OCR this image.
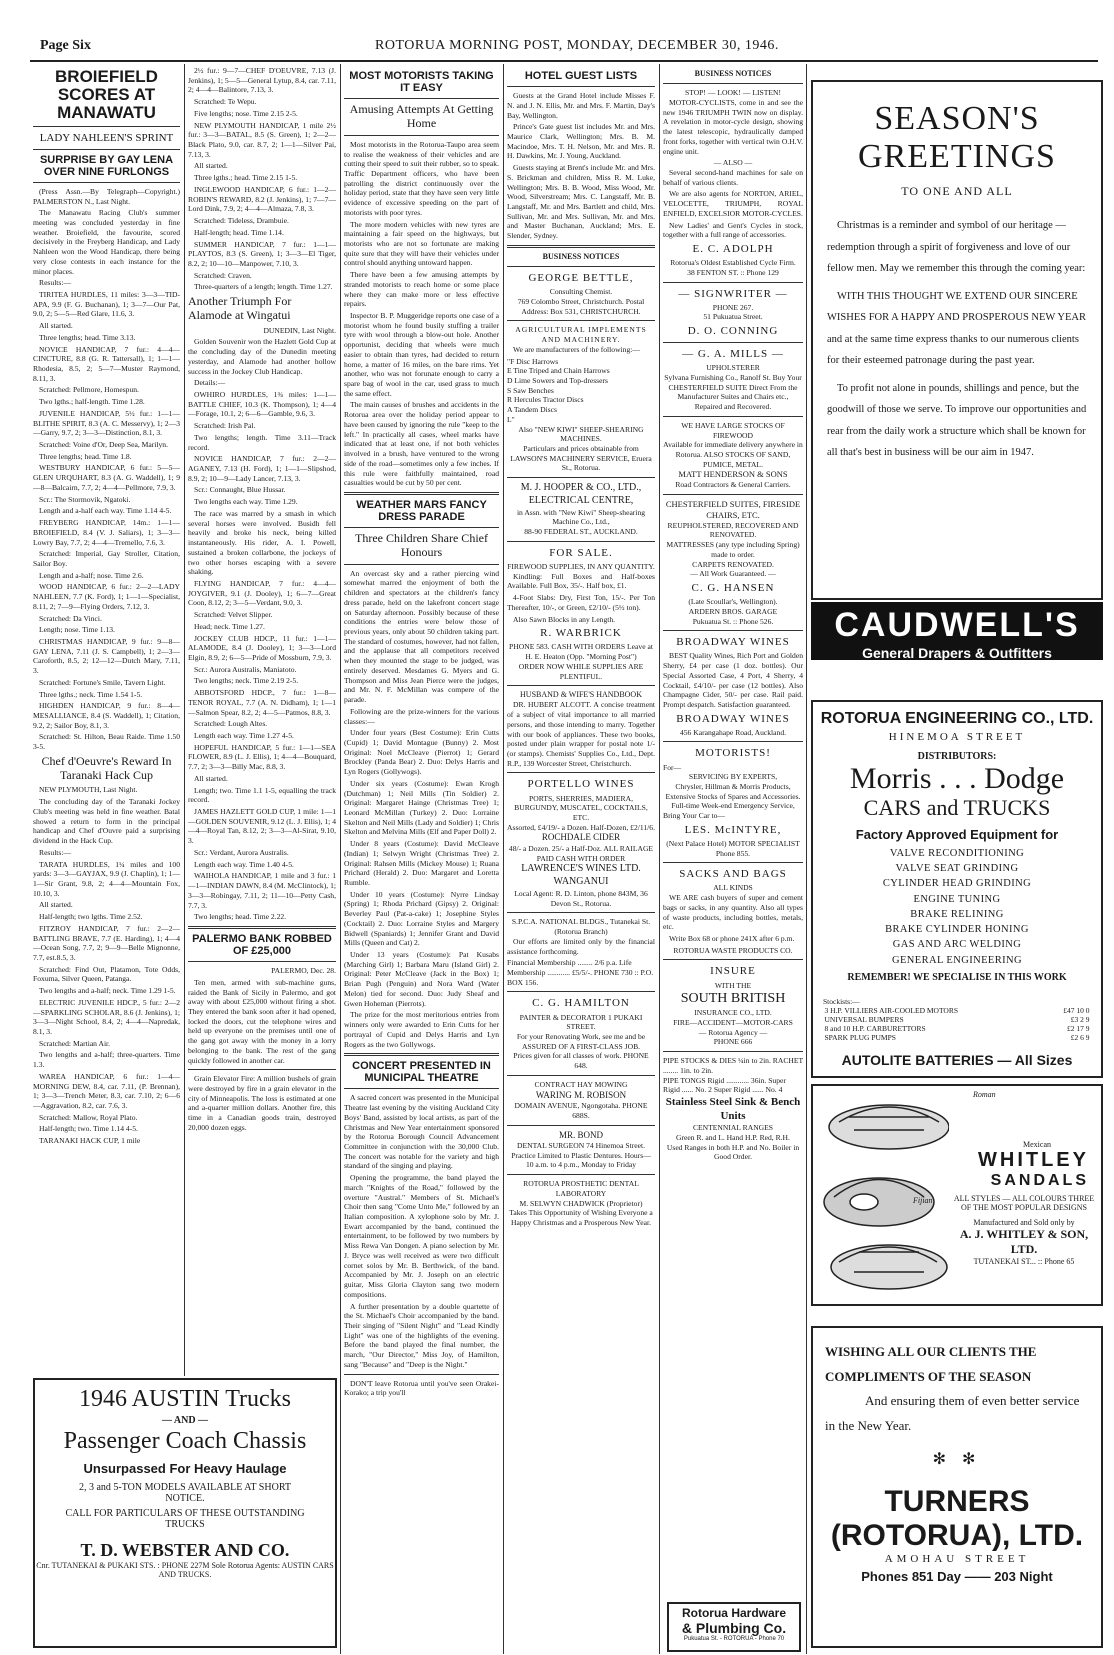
Page Six	ROTORUA MORNING POST, MONDAY, DECEMBER 30, 1946.
BROIEFIELD SCORES AT MANAWATU
LADY NAHLEEN'S SPRINT
SURPRISE BY GAY LENA OVER NINE FURLONGS

(Press Assn.—By Telegraph—Copyright.) PALMERSTON N., Last Night.

The Manawatu Racing Club's summer meeting was concluded yesterday in fine weather. Broiefield, the favourite, scored decisively in the Freyberg Handicap, and Lady Nahleen won the Wood Handicap, there being very close contests in each instance for the minor places.

Results:—

TIRITEA HURDLES, 11 miles: 3—3—TID-APA, 9.9 (F. G. Buchanan), 1; 3—7—Our Pat, 9.0, 2; 5—5—Red Glare, 11.6, 3.

All started.

Three lengths; head. Time 3.13.

NOVICE HANDICAP, 7 fur.: 4—4—CINCTURE, 8.8 (G. R. Tattersall), 1; 1—1—Rhodesia, 8.5, 2; 5—7—Muster Raymond, 8.11, 3.

Scratched: Pellmore, Homespun.

Two lgths.; half-length. Time 1.28.

JUVENILE HANDICAP, 5½ fur.: 1—1—BLITHE SPIRIT, 8.3 (A. C. Messervy), 1; 2—3—Garry, 9.7, 2; 3—3—Distinction, 8.1, 3.

Scratched: Voine d'Or, Deep Sea, Marilyn.

Three lengths; head. Time 1.8.

WESTBURY HANDICAP, 6 fur.: 5—5—GLEN URQUHART, 8.3 (A. G. Waddell), 1; 9—8—Balcairn, 7.7, 2; 4—4—Pellmore, 7.9, 3.

Scr.: The Stormovik, Ngatoki.

Length and a-half each way. Time 1.14 4-5.

FREYBERG HANDICAP, 14m.: 1—1—BROIEFIELD, 8.4 (V. J. Saliars), 1; 3—3—Lowry Bay, 7.7, 2; 4—4—Tremello, 7.6, 3.

Scratched: Imperial, Gay Stroller, Citation, Sailor Boy.

Length and a-half; nose. Time 2.6.

WOOD HANDICAP, 6 fur.: 2—2—LADY NAHLEEN, 7.7 (K. Ford), 1; 1—1—Specialist, 8.11, 2; 7—9—Flying Orders, 7.12, 3.

Scratched: Da Vinci.

Length; nose. Time 1.13.

CHRISTMAS HANDICAP, 9 fur.: 9—8—GAY LENA, 7.11 (J. S. Campbell), 1; 2—3—Caroforth, 8.5, 2; 12—12—Dutch Mary, 7.11, 3.

Scratched: Fortune's Smile, Tavern Light.

Three lgths.; neck. Time 1.54 1-5.

HIGHDEN HANDICAP, 9 fur.: 8—4—MESALLIANCE, 8.4 (S. Waddell), 1; Citation, 9.2, 2; Sailor Boy, 8.1, 3.

Scratched: St. Hilton, Beau Raide. Time 1.50 3-5.

Chef d'Oeuvre's Reward In Taranaki Hack Cup

NEW PLYMOUTH, Last Night.

The concluding day of the Taranaki Jockey Club's meeting was held in fine weather. Batal showed a return to form in the principal handicap and Chef d'Ouvre paid a surprising dividend in the Hack Cup.

Results:—

TARATA HURDLES, 1¼ miles and 100 yards: 3—3—GAYJAX, 9.9 (J. Chaplin), 1; 1—1—Sir Grant, 9.8, 2; 4—4—Mountain Fox, 10.10, 3.

All started.

Half-length; two lgths. Time 2.52.

FITZROY HANDICAP, 7 fur.: 2—2—BATTLING BRAVE, 7.7 (E. Harding), 1; 4—4—Ocean Song, 7.7, 2; 9—9—Belle Mignonne, 7.7, est.8.5, 3.

Scratched: Find Out, Platamon, Tote Odds, Foxuma, Silver Queen, Patanga.

Two lengths and a-half; neck. Time 1.29 1-5.

ELECTRIC JUVENILE HDCP., 5 fur.: 2—2—SPARKLING SCHOLAR, 8.6 (J. Jenkins), 1; 3—3—Night School, 8.4, 2; 4—4—Napredak, 8.1, 3.

Scratched: Martian Air.

Two lengths and a-half; three-quarters. Time 1.3.

WAREA HANDICAP, 6 fur.: 1—4—MORNING DEW, 8.4, car. 7.11, (P. Brennan), 1; 3—3—Trench Meter, 8.3, car. 7.10, 2; 6—6—Aggravation, 8.2, car. 7.6, 3.

Scratched: Mallow, Royal Plato.

Half-length; two. Time 1.14 4-5.

TARANAKI HACK CUP, 1 mile

2½ fur.: 9—7—CHEF D'OEUVRE, 7.13 (J. Jenkins), 1; 5—5—General Lytup, 8.4, car. 7.11, 2; 4—4—Balintore, 7.13, 3.

Scratched: Te Wepu.

Five lengths; nose. Time 2.15 2-5.

NEW PLYMOUTH HANDICAP, 1 mile 2½ fur.: 3—3—BATAL, 8.5 (S. Green), 1; 2—2—Black Plato, 9.0, car. 8.7, 2; 1—1—Silver Pai, 7.13, 3.

All started.

Three lgths.; head. Time 2.15 1-5.

INGLEWOOD HANDICAP, 6 fur.: 1—2—ROBIN'S REWARD, 8.2 (J. Jenkins), 1; 7—7—Lord Dink, 7.9, 2; 4—4—Almaza, 7.8, 3.

Scratched: Tideless, Drambuie.

Half-length; head. Time 1.14.

SUMMER HANDICAP, 7 fur.: 1—1—PLAYTOS, 8.3 (S. Green), 1; 3—3—El Tiger, 8.2, 2; 10—10—Manpower, 7.10, 3.

Scratched: Craven.

Three-quarters of a length; length. Time 1.27.

Another Triumph For Alamode at Wingatui

DUNEDIN, Last Night.

Golden Souvenir won the Hazlett Gold Cup at the concluding day of the Dunedin meeting yesterday, and Alamode had another hollow success in the Jockey Club Handicap.

Details:—

OWHIRO HURDLES, 1¾ miles: 1—1—BATTLE CHIEF, 10.3 (K. Thompson), 1; 4—4—Forage, 10.1, 2; 6—6—Gamble, 9.6, 3.

Scratched: Irish Pal.

Two lengths; length. Time 3.11—Track record.

NOVICE HANDICAP, 7 fur.: 2—2—AGANEY, 7.13 (H. Ford), 1; 1—1—Slipshod, 8.9, 2; 10—9—Lady Lancer, 7.13, 3.

Scr.: Connaught, Blue Hussar.

Two lengths each way. Time 1.29.

The race was marred by a smash in which several horses were involved. Busidh fell heavily and broke his neck, being killed instantaneously. His rider, A. I. Powell, sustained a broken collarbone, the jockeys of two other horses escaping with a severe shaking.

FLYING HANDICAP, 7 fur.: 4—4—JOYGIVER, 9.1 (J. Dooley), 1; 6—7—Great Coon, 8.12, 2; 3—5—Verdant, 9.0, 3.

Scratched: Velvet Slipper.

Head; neck. Time 1.27.

JOCKEY CLUB HDCP., 11 fur.: 1—1—ALAMODE, 8.4 (J. Dooley), 1; 3—3—Lord Elgin, 8.9, 2; 6—5—Pride of Mossburn, 7.9, 3.

Scr.: Aurora Australis, Maniatoto.

Two lengths; neck. Time 2.19 2-5.

ABBOTSFORD HDCP., 7 fur.: 1—8—TENOR ROYAL, 7.7 (A. N. Didham), 1; 1—1—Salmon Spear, 8.2, 2; 4—5—Patmos, 8.8, 3.

Scratched: Lough Altes.

Length each way. Time 1.27 4-5.

HOPEFUL HANDICAP, 5 fur.: 1—1—SEA FLOWER, 8.9 (L. J. Ellis), 1; 4—4—Bouquard, 7.7, 2; 3—3—Billy Mac, 8.8, 3.

All started.

Length; two. Time 1.1 1-5, equalling the track record.

JAMES HAZLETT GOLD CUP, 1 mile: 1—1—GOLDEN SOUVENIR, 9.12 (L. J. Ellis), 1; 4—4—Royal Tan, 8.12, 2; 3—3—Al-Sirat, 9.10, 3.

Scr.: Verdant, Aurora Australis.

Length each way. Time 1.40 4-5.

WAIHOLA HANDICAP, 1 mile and 3 fur.: 1—1—INDIAN DAWN, 8.4 (M. McClintock), 1; 3—3—Robingay, 7.11, 2; 11—10—Petty Cash, 7.7, 3.

Two lengths; head. Time 2.22.

PALERMO BANK ROBBED OF £25,000

PALERMO, Dec. 28.

Ten men, armed with sub-machine guns, raided the Bank of Sicily in Palermo, and got away with about £25,000 without firing a shot. They entered the bank soon after it had opened, locked the doors, cut the telephone wires and held up everyone on the premises until one of the gang got away with the money in a lorry belonging to the bank. The rest of the gang quickly followed in another car.

Grain Elevator Fire: A million bushels of grain were destroyed by fire in a grain elevator in the city of Minneapolis. The loss is estimated at one and a-quarter million dollars. Another fire, this time in a Canadian goods train, destroyed 20,000 dozen eggs.

1946 AUSTIN Trucks
— AND —
Passenger Coach Chassis
Unsurpassed For Heavy Haulage
2, 3 and 5-TON MODELS AVAILABLE AT SHORT NOTICE.
CALL FOR PARTICULARS OF THESE OUTSTANDING TRUCKS
T. D. WEBSTER AND CO.
Cnr. TUTANEKAI & PUKAKI STS. : PHONE 227M Sole Rotorua Agents: AUSTIN CARS AND TRUCKS.
MOST MOTORISTS TAKING IT EASY
Amusing Attempts At Getting Home

Most motorists in the Rotorua-Taupo area seem to realise the weakness of their vehicles and are cutting their speed to suit their rubber, so to speak. Traffic Department officers, who have been patrolling the district continuously over the holiday period, state that they have seen very little evidence of excessive speeding on the part of motorists with poor tyres.

The more modern vehicles with new tyres are maintaining a fair speed on the highways, but motorists who are not so fortunate are making quite sure that they will have their vehicles under control should anything untoward happen.

There have been a few amusing attempts by stranded motorists to reach home or some place where they can make more or less effective repairs.

Inspector B. P. Muggeridge reports one case of a motorist whom he found busily stuffing a trailer tyre with wool through a blow-out hole. Another opportunist, deciding that wheels were much easier to obtain than tyres, had decided to return home, a matter of 16 miles, on the bare rims. Yet another, who was not forunate enough to carry a spare bag of wool in the car, used grass to much the same effect.

The main causes of brushes and accidents in the Rotorua area over the holiday period appear to have been caused by ignoring the rule "keep to the left." In practically all cases, wheel marks have indicated that at least one, if not both vehicles involved in a brush, have ventured to the wrong side of the road—sometimes only a few inches. If this rule were faithfully maintained, road casualties would be cut by 50 per cent.

WEATHER MARS FANCY DRESS PARADE
Three Children Share Chief Honours

An overcast sky and a rather piercing wind somewhat marred the enjoyment of both the children and spectators at the children's fancy dress parade, held on the lakefront concert stage on Saturday afternoon. Possibly because of these conditions the entries were below those of previous years, only about 50 children taking part. The standard of costumes, however, had not fallen, and the applause that all competitors received when they mounted the stage to be judged, was entirely deserved. Mesdames G. Myers and G. Thompson and Miss Jean Pierce were the judges, and Mr. N. F. McMillan was compere of the parade.

Following are the prize-winners for the various classes:—

Under four years (Best Costume): Erin Cutts (Cupid) 1; David Montague (Bunny) 2. Most Original: Noel McCleave (Pierrot) 1; Gerard Brockley (Panda Bear) 2. Duo: Delys Harris and Lyn Rogers (Gollywogs).

Under six years (Costume): Ewan Krogh (Dutchman) 1; Neil Mills (Tin Soldier) 2. Original: Margaret Hainge (Christmas Tree) 1; Leonard McMillan (Turkey) 2. Duo: Lorraine Skelton and Neil Mills (Lady and Soldier) 1; Chris Skelton and Melvina Mills (Elf and Paper Doll) 2.

Under 8 years (Costume): David McCleave (Indian) 1; Selwyn Wright (Christmas Tree) 2. Original: Rahsen Mills (Mickey Mouse) 1; Ruana Prichard (Herald) 2. Duo: Margaret and Loretta Rumble.

Under 10 years (Costume): Nyrre Lindsay (Spring) 1; Rhoda Prichard (Gipsy) 2. Original: Beverley Paul (Pat-a-cake) 1; Josephine Styles (Cocktail) 2. Duo: Lorraine Styles and Margery Bidwell (Spaniards) 1; Jennifer Grant and David Mills (Queen and Cat) 2.

Under 13 years (Costume): Pat Kusabs (Marching Girl) 1; Barbara Maru (Island Girl) 2. Original: Peter McCleave (Jack in the Box) 1; Brian Pugh (Penguin) and Nora Ward (Water Melon) tied for second. Duo: Judy Sheaf and Gwen Hoheman (Pierrots).

The prize for the most meritorious entries from winners only were awarded to Erin Cutts for her portrayal of Cupid and Delys Harris and Lyn Rogers as the two Gollywogs.

CONCERT PRESENTED IN MUNICIPAL THEATRE

A sacred concert was presented in the Municipal Theatre last evening by the visiting Auckland City Boys' Band, assisted by local artists, as part of the Christmas and New Year entertainment sponsored by the Rotorua Borough Council Advancement Committee in conjunction with the 30,000 Club. The concert was notable for the variety and high standard of the singing and playing.

Opening the programme, the band played the march "Knights of the Road," followed by the overture "Austral." Members of St. Michael's Choir then sang "Come Unto Me," followed by an Italian composition. A xylophone solo by Mr. J. Ewart accompanied by the band, continued the entertainment, to be followed by two numbers by Miss Rewa Van Dongen. A piano selection by Mr. J. Bryce was well received as were two difficult cornet solos by Mr. B. Berthwick, of the band. Accompanied by Mr. J. Joseph on an electric guitar, Miss Gloria Clayton sang two modern compositions.

A further presentation by a double quartette of the St. Michael's Choir accompanied by the band. Their singing of "Silent Night" and "Lead Kindly Light" was one of the highlights of the evening. Before the band played the final number, the march, "Our Director," Miss Joy, of Hamilton, sang "Because" and "Deep is the Night."

DON'T leave Rotorua until you've seen Orakei-Korako; a trip you'll

HOTEL GUEST LISTS

Guests at the Grand Hotel include Misses F. N. and J. N. Ellis, Mr. and Mrs. F. Martin, Day's Bay, Wellington.

Prince's Gate guest list includes Mr. and Mrs. Maurice Clark, Wellington; Mrs. B. M. Macindoe, Mrs. T. H. Nelson, Mr. and Mrs. R. H. Dawkins, Mr. J. Young, Auckland.

Guests staying at Brent's include Mr. and Mrs. S. Brickman and children, Miss R. M. Luke, Wellington; Mrs. B. B. Wood, Miss Wood, Mr. Wood, Silverstream; Mrs. C. Langstaff, Mr. B. Langstaff, Mr. and Mrs. Bartlett and child, Mrs. Sullivan, Mr. and Mrs. Sullivan, Mr. and Mrs. and Master Buchanan, Auckland; Mrs. E. Slender, Sydney.

BUSINESS NOTICES
GEORGE BETTLE,
Consulting Chemist.
769 Colombo Street, Christchurch. Postal Address: Box 531, CHRISTCHURCH.
AGRICULTURAL IMPLEMENTS AND MACHINERY.

We are manufacturers of the following:—

"F Disc Harrows
E Tine Triped and Chain Harrows
D Lime Sowers and Top-dressers
S Saw Benches
R Hercules Tractor Discs
A Tandem Discs
L"
Also "NEW KIWI" SHEEP-SHEARING MACHINES.
Particulars and prices obtainable from LAWSON'S MACHINERY SERVICE, Eruera St., Rotorua.
M. J. HOOPER & CO., LTD., ELECTRICAL CENTRE,
in Assn. with "New Kiwi" Sheep-shearing Machine Co., Ltd.,
88-90 FEDERAL ST., AUCKLAND.
FOR SALE.
FIREWOOD SUPPLIES, IN ANY QUANTITY.

Kindling: Full Boxes and Half-boxes Available. Full Box, 35/-. Half box, £1.

4-Foot Slabs: Dry, First Ton, 15/-. Per Ton Thereafter, 10/-, or Green, £2/10/- (5½ ton).

Also Sawn Blocks in any Length.

R. WARBRICK
PHONE 583. CASH WITH ORDERS Leave at H. E. Heaton (Opp. "Morning Post")
ORDER NOW WHILE SUPPLIES ARE PLENTIFUL.
HUSBAND & WIFE'S HANDBOOK

DR. HUBERT ALCOTT. A concise treatment of a subject of vital importance to all married persons, and those intending to marry. Together with our book of appliances. These two books, posted under plain wrapper for postal note 1/- (or stamps). Chemists' Supplies Co., Ltd., Dept. R.P., 139 Worcester Street, Christchurch.

PORTELLO WINES
PORTS, SHERRIES, MADIERA, BURGUNDY, MUSCATEL, COCKTAILS, ETC.
Assorted, £4/19/- a Dozen. Half-Dozen, £2/11/6.
ROCHDALE CIDER
48/- a Dozen. 25/- a Half-Doz. ALL RAILAGE PAID CASH WITH ORDER
LAWRENCE'S WINES LTD. WANGANUI
Local Agent: R. D. Linton, phone 843M, 36 Devon St., Rotorua.
S.P.C.A. NATIONAL BLDGS., Tutanekai St. (Rotorua Branch)

Our efforts are limited only by the financial assistance forthcoming.

Financial Membership ........ 2/6 p.a. Life Membership ............ £5/5/-. PHONE 730 :: P.O. BOX 156.
C. G. HAMILTON
PAINTER & DECORATOR 1 PUKAKI STREET.
For your Renovating Work, see me and be ASSURED OF A FIRST-CLASS JOB.
Prices given for all classes of work. PHONE 648.
CONTRACT HAY MOWING
WARING M. ROBISON
DOMAIN AVENUE, Ngongotaha. PHONE 688S.
MR. BOND
DENTAL SURGEON 74 Hinemoa Street.
Practice Limited to Plastic Dentures. Hours—
10 a.m. to 4 p.m., Monday to Friday
ROTORUA PROSTHETIC DENTAL LABORATORY
M. SELWYN CHADWICK (Proprietor)
Takes This Opportunity of Wishing Everyone a Happy Christmas and a Prosperous New Year.
BUSINESS NOTICES
STOP! — LOOK! — LISTEN!

MOTOR-CYCLISTS, come in and see the new 1946 TRIUMPH TWIN now on display. A revelation in motor-cycle design, showing the latest telescopic, hydraulically damped front forks, together with vertical twin O.H.V. engine unit.

— ALSO —

Several second-hand machines for sale on behalf of various clients.

We are also agents for NORTON, ARIEL, VELOCETTE, TRIUMPH, ROYAL ENFIELD, EXCELSIOR MOTOR-CYCLES.

New Ladies' and Gent's Cycles in stock, together with a full range of accessories.

E. C. ADOLPH
Rotorua's Oldest Established Cycle Firm.
38 FENTON ST. :: Phone 129
— SIGNWRITER —
PHONE 267.
51 Pukuatua Street.
D. O. CONNING
— G. A. MILLS —
UPHOLSTERER
Sylvana Furnishing Co., Ranolf St. Buy Your CHESTERFIELD SUITE Direct From the Manufacturer Suites and Chairs etc., Repaired and Recovered.
WE HAVE LARGE STOCKS OF FIREWOOD
Available for immediate delivery anywhere in Rotorua. ALSO STOCKS OF SAND, PUMICE, METAL.
MATT HENDERSON & SONS
Road Contractors & General Carriers.
CHESTERFIELD SUITES, FIRESIDE CHAIRS, ETC.
REUPHOLSTERED, RECOVERED AND RENOVATED.
MATTRESSES (any type including Spring) made to order.
CARPETS RENOVATED.
— All Work Guaranteed. —
C. G. HANSEN
(Late Scoullar's, Wellington).
ARDERN BROS. GARAGE
Pukuatua St. :: Phone 526.
BROADWAY WINES

BEST Quality Wines, Rich Port and Golden Sherry, £4 per case (1 doz. bottles). Our Special Assorted Case, 4 Port, 4 Sherry, 4 Cocktail, £4/10/- per case (12 bottles). Also Champagne Cider, 50/- per case. Rail paid. Prompt despatch. Satisfaction guaranteed.

BROADWAY WINES
456 Karangahape Road, Auckland.
MOTORISTS!
For—
SERVICING BY EXPERTS,
Chrysler, Hillman & Morris Products, Extensive Stocks of Spares and Accessories.
Full-time Week-end Emergency Service,
Bring Your Car to—
LES. McINTYRE,
(Next Palace Hotel) MOTOR SPECIALIST Phone 855.
SACKS AND BAGS
ALL KINDS

WE ARE cash buyers of super and cement bags or sacks, in any quantity. Also all types of waste products, including bottles, metals, etc.

Write Box 68 or phone 241X after 6 p.m.

ROTORUA WASTE PRODUCTS CO.
INSURE
WITH THE
SOUTH BRITISH
INSURANCE CO., LTD.
FIRE—ACCIDENT—MOTOR-CARS
— Rotorua Agency —
PHONE 666
PIPE STOCKS & DIES ¼in to 2in. RACHET ........ 1in. to 2in.
PIPE TONGS Rigid ............ 36in. Super Rigid ...... No. 2 Super Rigid ...... No. 4
Stainless Steel Sink & Bench Units
CENTENNIAL RANGES
Green R. and L. Hand H.P. Red, R.H.
Used Ranges in both H.P. and No. Boiler in Good Order.
Rotorua Hardware
& Plumbing Co.
Pukuatua St. - ROTORUA - Phone 70
SEASON'S
GREETINGS
TO ONE AND ALL

Christmas is a reminder and symbol of our heritage — redemption through a spirit of forgiveness and love of our fellow men. May we remember this through the coming year:

WITH THIS THOUGHT WE EXTEND OUR SINCERE WISHES FOR A HAPPY AND PROSPEROUS NEW YEAR and at the same time express thanks to our numerous clients for their esteemed patronage during the past year.

To profit not alone in pounds, shillings and pence, but the goodwill of those we serve. To improve our opportunities and rear from the daily work a structure which shall be known for all that's best in business will be our aim in 1947.

CAUDWELL'S
General Drapers & Outfitters
ROTORUA ENGINEERING CO., LTD.
HINEMOA STREET
DISTRIBUTORS:
Morris . . . Dodge
CARS and TRUCKS
Factory Approved Equipment for
VALVE RECONDITIONING
VALVE SEAT GRINDING
CYLINDER HEAD GRINDING
ENGINE TUNING
BRAKE RELINING
BRAKE CYLINDER HONING
GAS AND ARC WELDING
GENERAL ENGINEERING
REMEMBER! WE SPECIALISE IN THIS WORK
Stockists:—
3 H.P. VILLIERS AIR-COOLED MOTORS	£47 10 0
UNIVERSAL BUMPERS	£3 2 9
8 and 10 H.P. CARBURETTORS	£2 17 9
SPARK PLUG PUMPS	£2 6 9
AUTOLITE BATTERIES — All Sizes
Roman
Mexican
WHITLEY
SANDALS
Fijian	ALL STYLES — ALL COLOURS THREE OF THE MOST POPULAR DESIGNS
Manufactured and Sold only by
A. J. WHITLEY & SON, LTD.
TUTANEKAI ST... :: Phone 65

WISHING ALL OUR CLIENTS THE COMPLIMENTS OF THE SEASON

And ensuring them of even better service in the New Year.

✻ ✻
TURNERS (ROTORUA), LTD.
AMOHAU STREET
Phones 851 Day —— 203 Night
